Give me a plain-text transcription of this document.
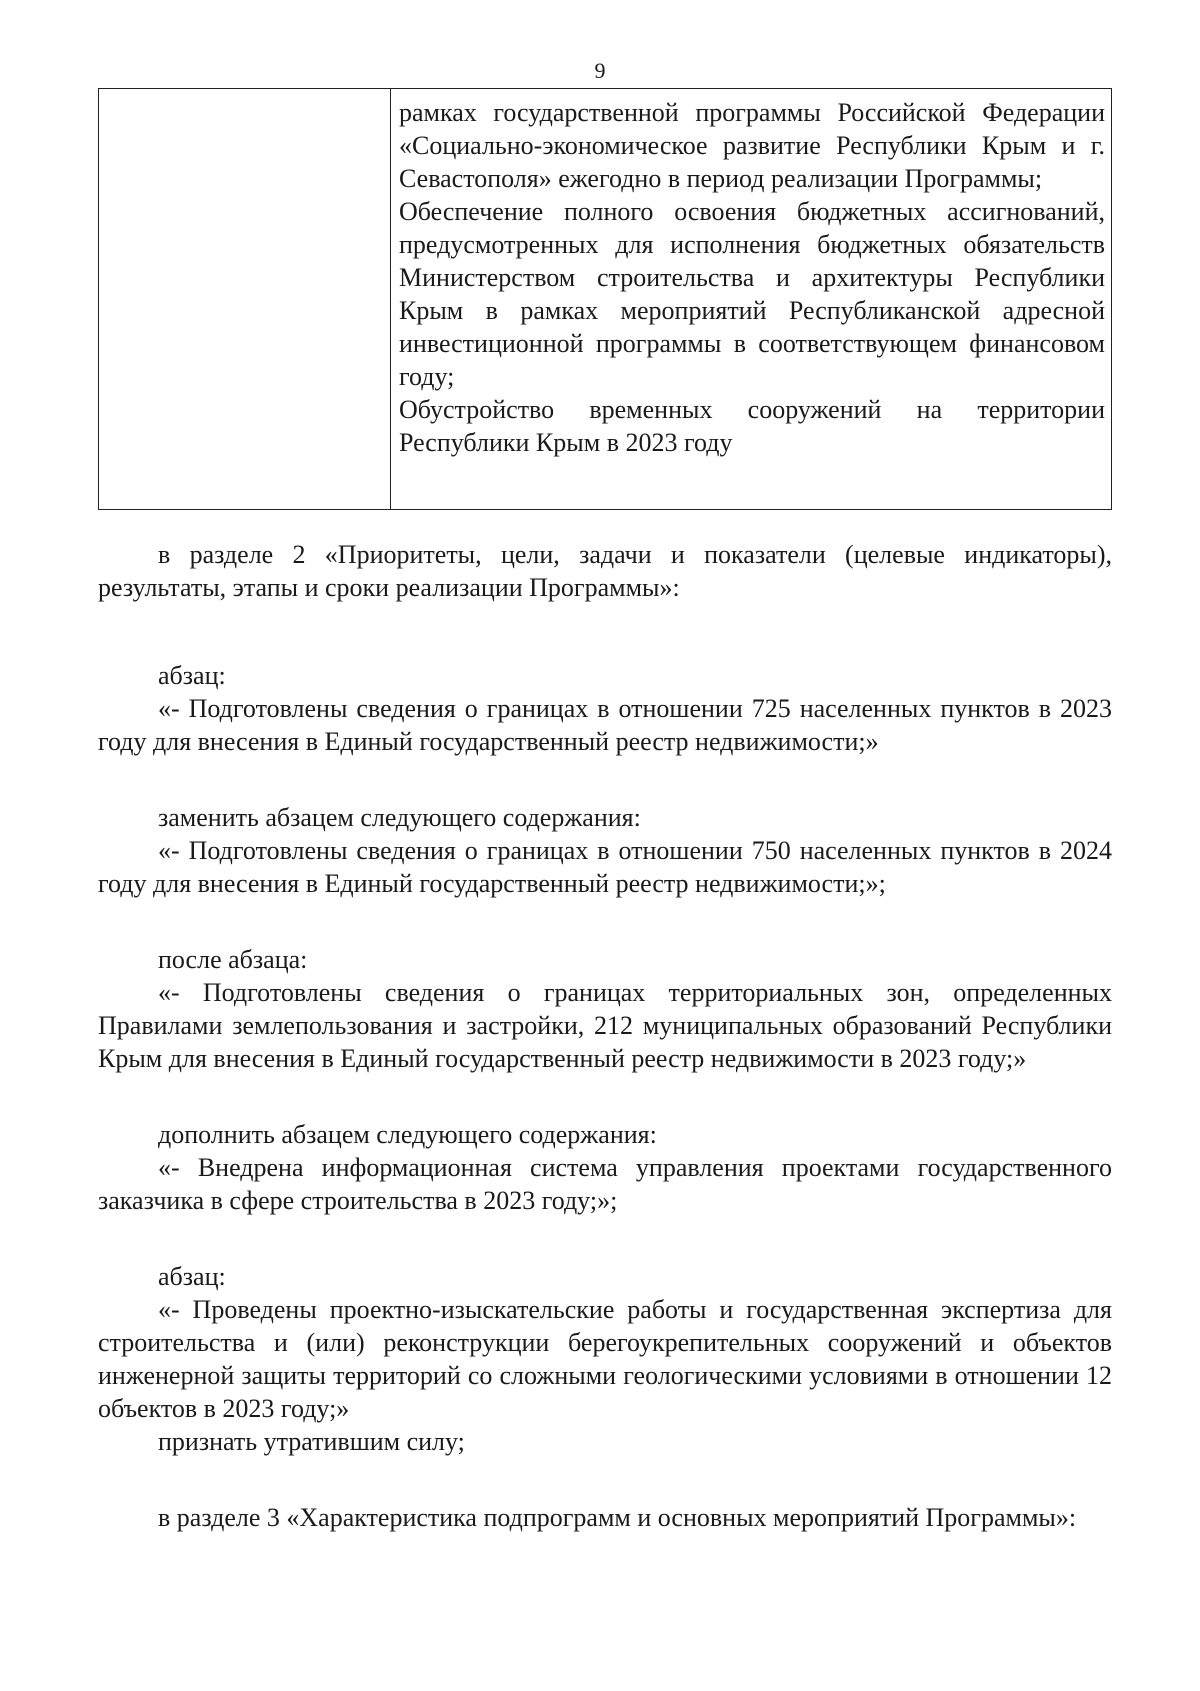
9

рамках государственной программы Российской Федерации «Социально-экономическое развитие Республики Крым и г. Севастополя» ежегодно в период реализации Программы;

Обеспечение полного освоения бюджетных ассигнований, предусмотренных для исполнения бюджетных обязательств Министерством строительства и архитектуры Республики Крым в рамках мероприятий Республиканской адресной инвестиционной программы в соответствующем финансовом году;

Обустройство временных сооружений на территории Республики Крым в 2023 году

в разделе 2 «Приоритеты, цели, задачи и показатели (целевые индикаторы), результаты, этапы и сроки реализации Программы»:

абзац:

«- Подготовлены сведения о границах в отношении 725 населенных пунктов в 2023 году для внесения в Единый государственный реестр недвижимости;»

заменить абзацем следующего содержания:

«- Подготовлены сведения о границах в отношении 750 населенных пунктов в 2024 году для внесения в Единый государственный реестр недвижимости;»;

после абзаца:

«- Подготовлены сведения о границах территориальных зон, определенных Правилами землепользования и застройки, 212 муниципальных образований Республики Крым для внесения в Единый государственный реестр недвижимости в 2023 году;»

дополнить абзацем следующего содержания:

«- Внедрена информационная система управления проектами государственного заказчика в сфере строительства в 2023 году;»;

абзац:

«- Проведены проектно-изыскательские работы и государственная экспертиза для строительства и (или) реконструкции берегоукрепительных сооружений и объектов инженерной защиты территорий со сложными геологическими условиями в отношении 12 объектов в 2023 году;»

признать утратившим силу;

в разделе 3 «Характеристика подпрограмм и основных мероприятий Программы»:
